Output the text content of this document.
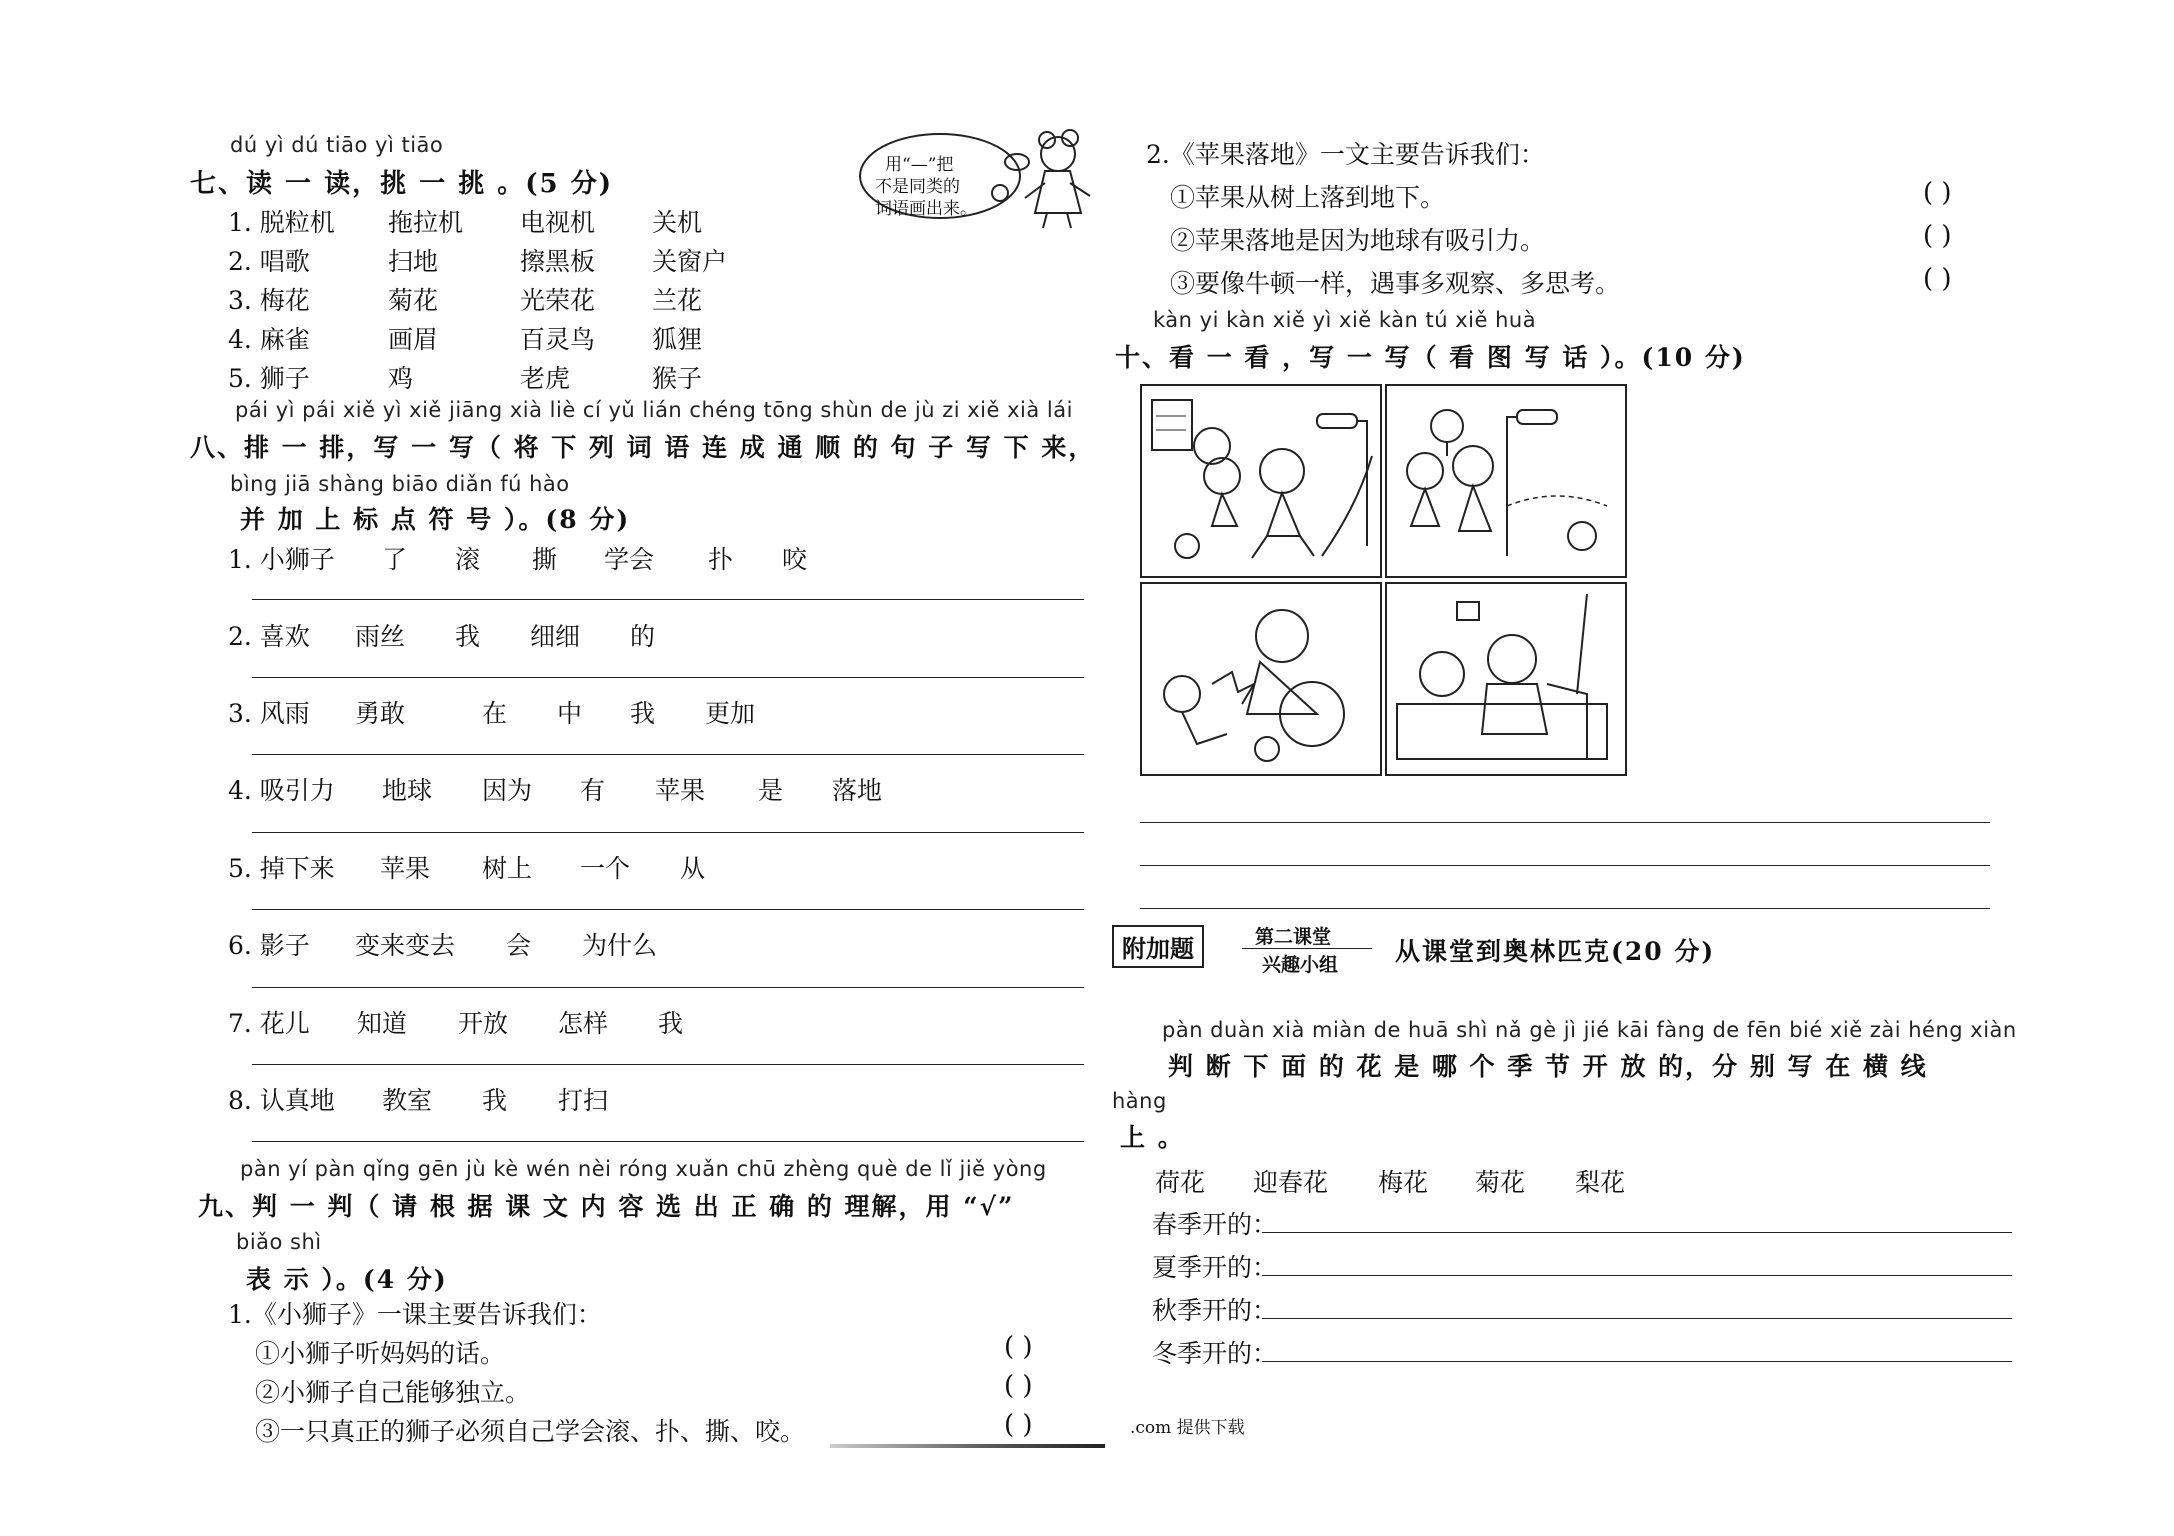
dú yì dú tiāo yì tiāo
七、读 一 读，挑 一 挑 。(5 分)
用“—”把
不是同类的
词语画出来。
1. 脱粒机 拖拉机 电视机 关机
2. 唱歌	扫地	擦黑板 关窗户
3. 梅花	菊花	光荣花 兰花
4. 麻雀	画眉	百灵鸟 狐狸
5. 狮子	鸡	老虎	猴子
pái yì pái xiě yì xiě jiāng xià liè cí yǔ lián chéng tōng shùn de jù zi xiě xià lái
八、排 一 排，写 一 写（ 将 下 列 词 语 连 成 通 顺 的 句 子 写 下 来，
bìng jiā shàng biāo diǎn fú hào
并 加 上 标 点 符 号 ）。(8 分)
1. 小狮子 了 滚 撕 学会 扑 咬
2. 喜欢 雨丝 我 细细 的
3. 风雨 勇敢	在 中 我 更加
4. 吸引力 地球 因为 有 苹果 是 落地
5. 掉下来 苹果 树上 一个 从
6. 影子 变来变去 会 为什么
7. 花儿 知道 开放 怎样 我
8. 认真地 教室 我 打扫
pàn yí pàn qǐng gēn jù kè wén nèi róng xuǎn chū zhèng què de lǐ jiě yòng
九、判 一 判（ 请 根 据 课 文 内 容 选 出 正 确 的 理解，用 “√”
biǎo shì
表 示 ）。(4 分)
1.《小狮子》一课主要告诉我们：
①小狮子听妈妈的话。	( )
②小狮子自己能够独立。	( )
③一只真正的狮子必须自己学会滚、扑、撕、咬。	( )
2.《苹果落地》一文主要告诉我们：
①苹果从树上落到地下。	( )
②苹果落地是因为地球有吸引力。	( )
③要像牛顿一样，遇事多观察、多思考。	( )
kàn yi kàn xiě yì xiě kàn tú xiě huà
十、看 一 看 ，写 一 写（ 看 图 写 话 ）。(10 分)
附加题	第二课堂
兴趣小组 从课堂到奥林匹克(20 分)
pàn duàn xià miàn de huā shì nǎ gè jì jié kāi fàng de fēn bié xiě zài héng xiàn
判 断 下 面 的 花 是 哪 个 季 节 开 放 的，分 别 写 在 横 线
hàng
上 。
荷花 迎春花 梅花 菊花 梨花
春季开的：
夏季开的：
秋季开的：
冬季开的：
.com 提供下载
